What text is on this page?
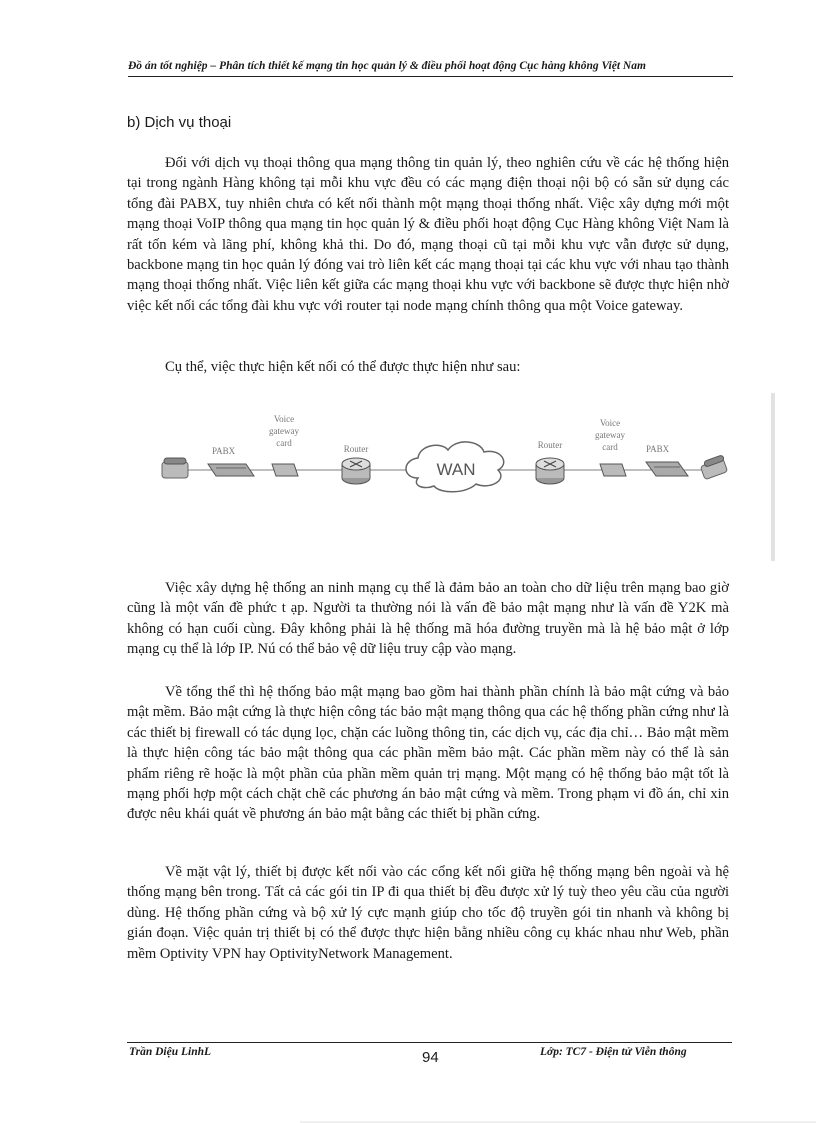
Đồ án tốt nghiệp – Phân tích thiết kế mạng tin học quản lý & điều phối hoạt động Cục hàng không Việt Nam
b) Dịch vụ thoại

Đối với dịch vụ thoại thông qua mạng thông tin quản lý, theo nghiên cứu về các hệ thống hiện tại trong ngành Hàng không tại mỗi khu vực đều có các mạng điện thoại nội bộ có sẵn sử dụng các tổng đài PABX, tuy nhiên chưa có kết nối thành một mạng thoại thống nhất. Việc xây dựng mới một mạng thoại VoIP thông qua mạng tin học quản lý & điều phối hoạt động Cục Hàng không Việt Nam là rất tốn kém và lãng phí, không khả thi. Do đó, mạng thoại cũ tại mỗi khu vực vẫn được sử dụng, backbone mạng tin học quản lý đóng vai trò liên kết các mạng thoại tại các khu vực với nhau tạo thành mạng thoại thống nhất. Việc liên kết giữa các mạng thoại khu vực với backbone sẽ được thực hiện nhờ việc kết nối các tổng đài khu vực với router tại node mạng chính thông qua một Voice gateway.

Cụ thể, việc thực hiện kết nối có thể được thực hiện như sau:

PABX
Voice
gateway
card
Router
WAN
Router
Voice
gateway
card	PABX

Việc xây dựng hệ thống an ninh mạng cụ thể là đảm bảo an toàn cho dữ liệu trên mạng bao giờ cũng là một vấn đề phức t ạp. Người ta thường nói là vấn đề bảo mật mạng như là vấn đề Y2K mà không có hạn cuối cùng. Đây không phải là hệ thống mã hóa đường truyền mà là hệ bảo mật ở lớp mạng cụ thể là lớp IP. Nú có thể bảo vệ dữ liệu truy cập vào mạng.

Về tổng thể thì hệ thống bảo mật mạng bao gồm hai thành phần chính là bảo mật cứng và bảo mật mềm. Bảo mật cứng là thực hiện công tác bảo mật mạng thông qua các hệ thống phần cứng như là các thiết bị firewall có tác dụng lọc, chặn các luồng thông tin, các dịch vụ, các địa chỉ… Bảo mật mềm là thực hiện công tác bảo mật thông qua các phần mềm bảo mật. Các phần mềm này có thể là sản phẩm riêng rẽ hoặc là một phần của phần mềm quản trị mạng. Một mạng có hệ thống bảo mật tốt là mạng phối hợp một cách chặt chẽ các phương án bảo mật cứng và mềm. Trong phạm vi đồ án, chỉ xin được nêu khái quát về phương án bảo mật bằng các thiết bị phần cứng.

Về mặt vật lý, thiết bị được kết nối vào các cổng kết nối giữa hệ thống mạng bên ngoài và hệ thống mạng bên trong. Tất cả các gói tin IP đi qua thiết bị đều được xử lý tuỳ theo yêu cầu của người dùng. Hệ thống phần cứng và bộ xử lý cực mạnh giúp cho tốc độ truyền gói tin nhanh và không bị gián đoạn. Việc quản trị thiết bị có thể được thực hiện bằng nhiều công cụ khác nhau như Web, phần mềm Optivity VPN hay OptivityNetwork Management.

Trần Diệu LinhL	94	Lớp: TC7 - Điện tử Viễn thông
